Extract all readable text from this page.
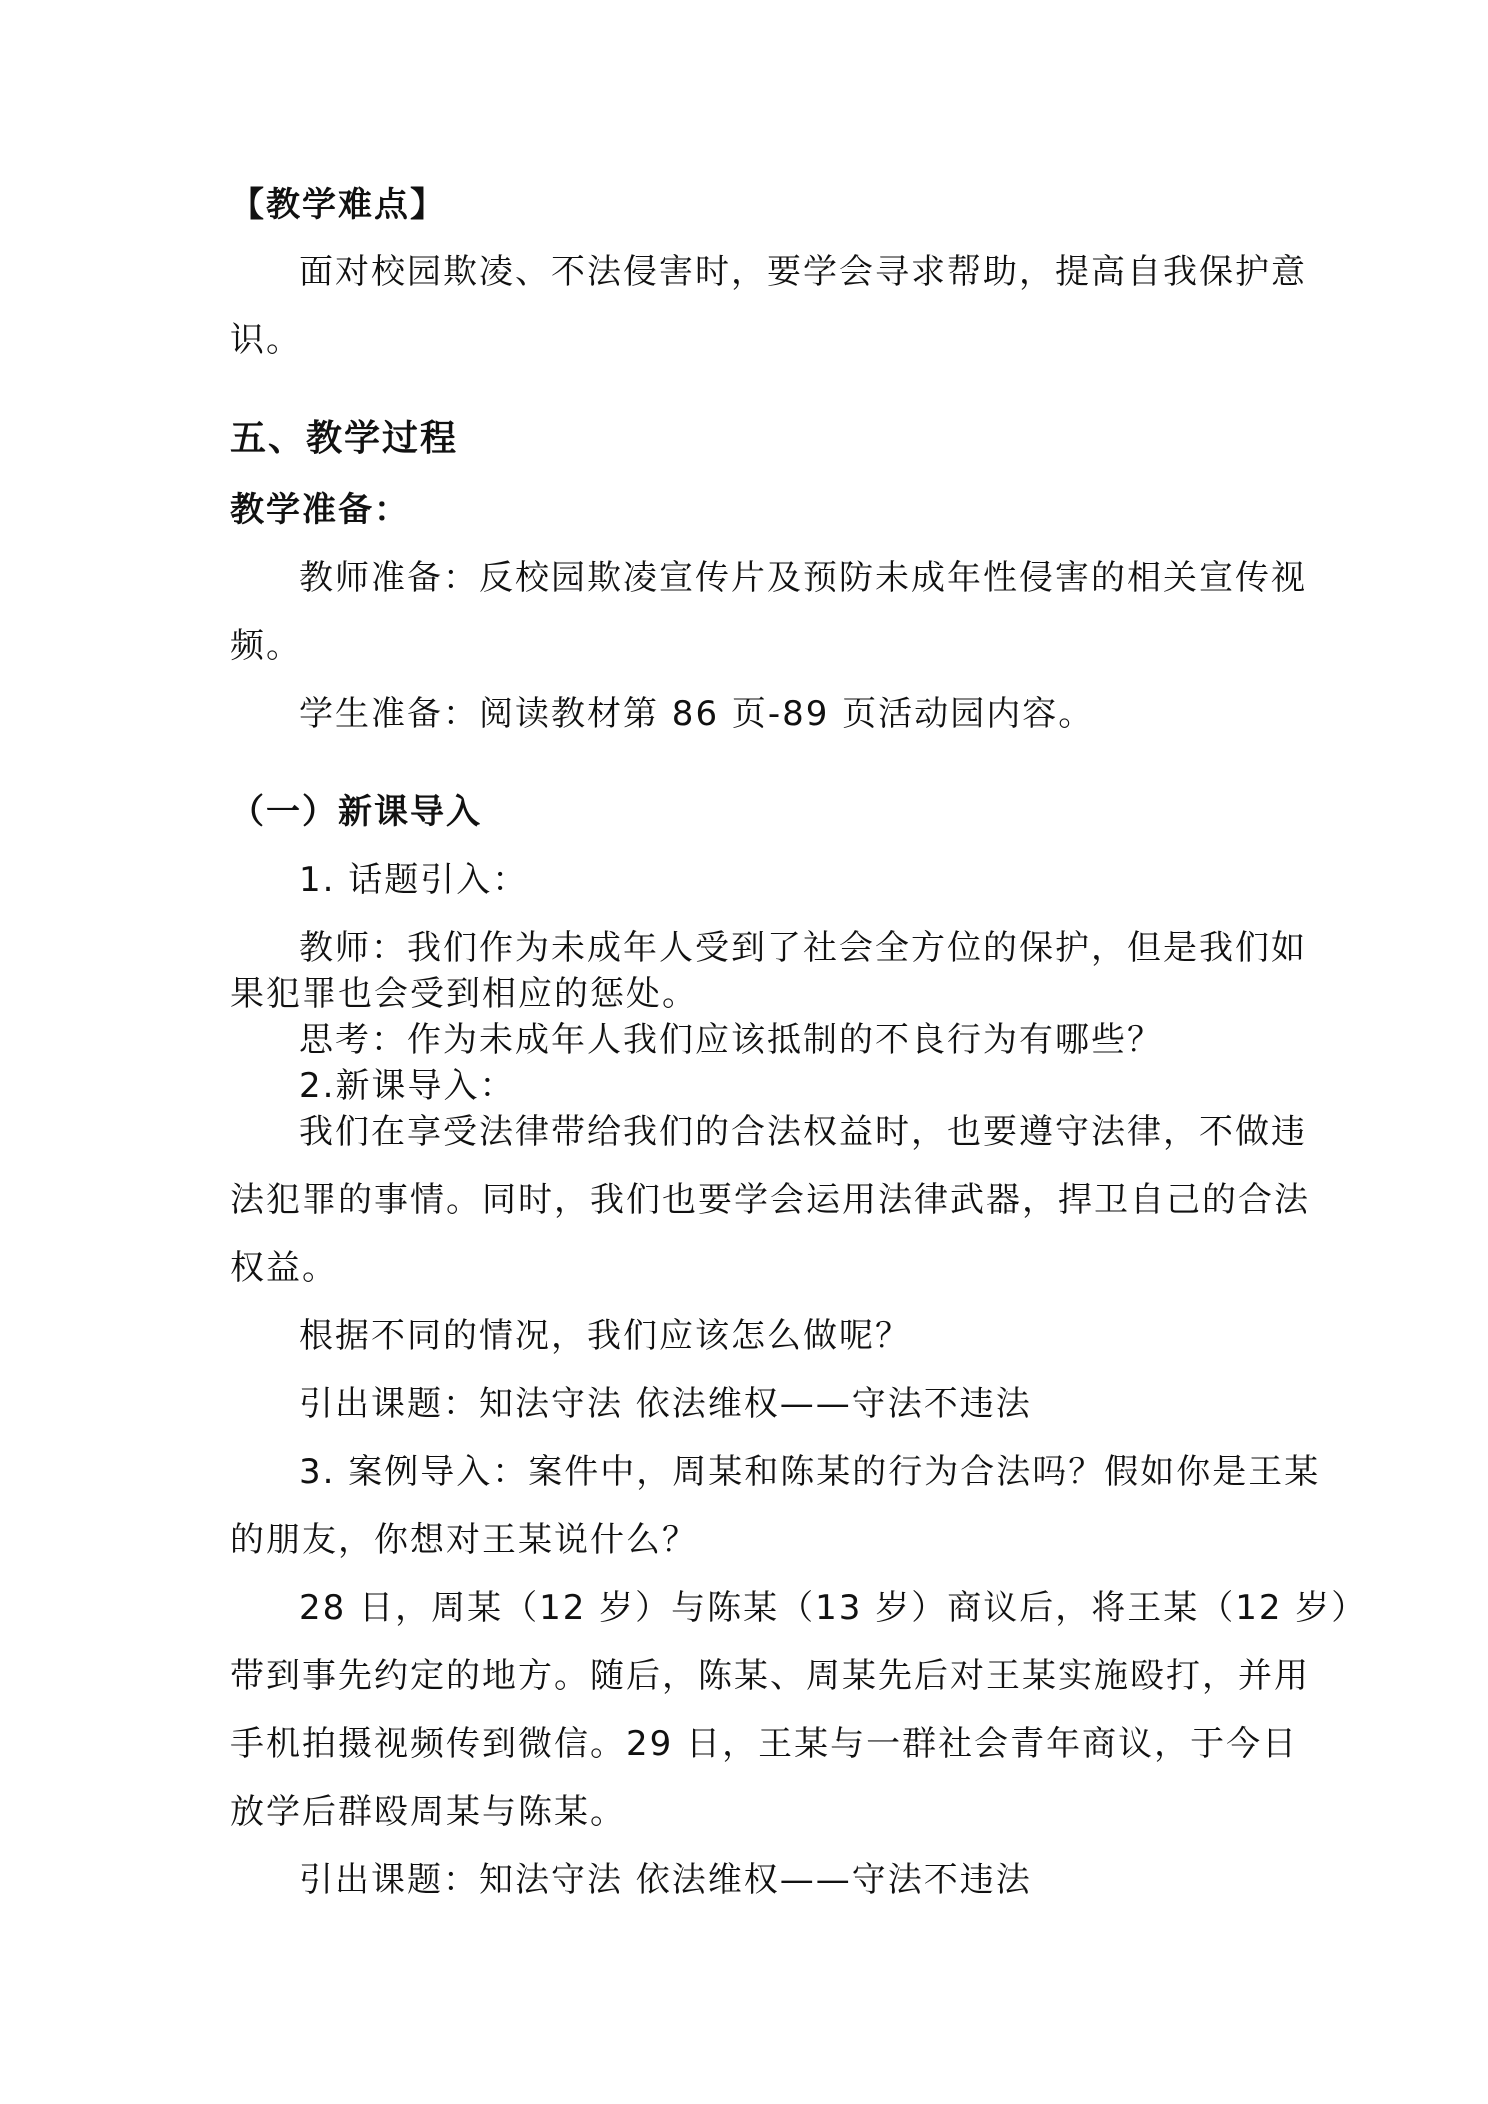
【教学难点】
面对校园欺凌、不法侵害时，要学会寻求帮助，提高自我保护意
识。
五、教学过程
教学准备：
教师准备：反校园欺凌宣传片及预防未成年性侵害的相关宣传视
频。
学生准备：阅读教材第 86 页-89 页活动园内容。
（一）新课导入
1. 话题引入：
教师：我们作为未成年人受到了社会全方位的保护，但是我们如
果犯罪也会受到相应的惩处。
思考：作为未成年人我们应该抵制的不良行为有哪些？
2.新课导入：
我们在享受法律带给我们的合法权益时，也要遵守法律，不做违
法犯罪的事情。同时，我们也要学会运用法律武器，捍卫自己的合法
权益。
根据不同的情况，我们应该怎么做呢？
引出课题：知法守法 依法维权——守法不违法
3. 案例导入：案件中，周某和陈某的行为合法吗？假如你是王某
的朋友，你想对王某说什么？
28 日，周某（12 岁）与陈某（13 岁）商议后，将王某（12 岁）
带到事先约定的地方。随后，陈某、周某先后对王某实施殴打，并用
手机拍摄视频传到微信。29 日，王某与一群社会青年商议，于今日
放学后群殴周某与陈某。
引出课题：知法守法 依法维权——守法不违法
